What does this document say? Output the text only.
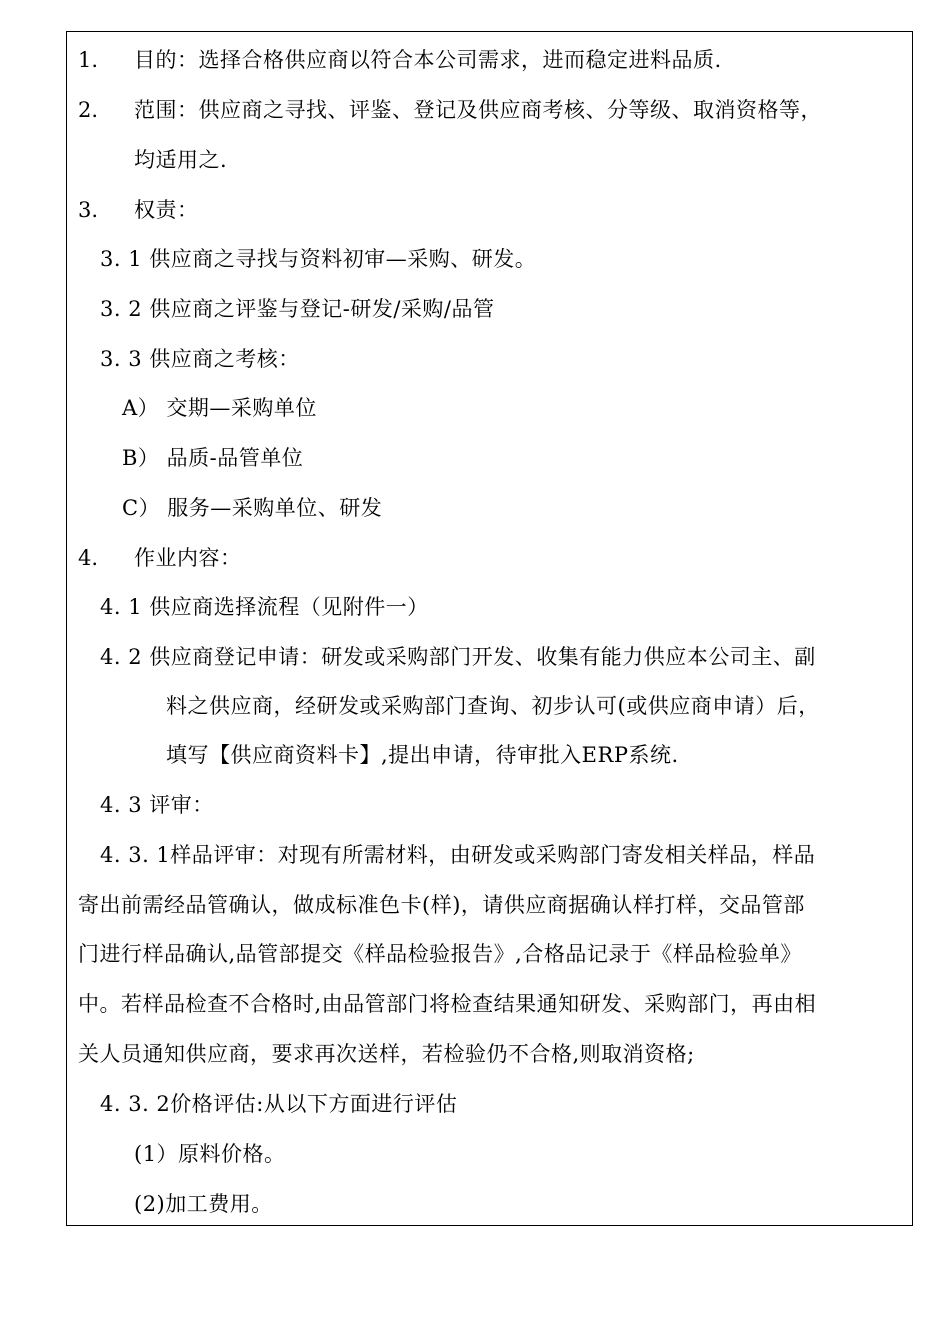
1. 目的：选择合格供应商以符合本公司需求，进而稳定进料品质.
2. 范围：供应商之寻找、评鉴、登记及供应商考核、分等级、取消资格等，
均适用之.
3. 权责：
3. 1 供应商之寻找与资料初审—采购、研发。
3. 2 供应商之评鉴与登记-研发/采购/品管
3. 3 供应商之考核：
A） 交期—采购单位
B） 品质-品管单位
C） 服务—采购单位、研发
4. 作业内容：
4. 1 供应商选择流程（见附件一）
4. 2 供应商登记申请：研发或采购部门开发、收集有能力供应本公司主、副
料之供应商，经研发或采购部门查询、初步认可(或供应商申请）后，
填写【供应商资料卡】,提出申请，待审批入ERP系统.
4. 3 评审：
4. 3. 1样品评审：对现有所需材料，由研发或采购部门寄发相关样品，样品
寄出前需经品管确认，做成标准色卡(样)，请供应商据确认样打样，交品管部
门进行样品确认,品管部提交《样品检验报告》,合格品记录于《样品检验单》
中。若样品检查不合格时,由品管部门将检查结果通知研发、采购部门，再由相
关人员通知供应商，要求再次送样，若检验仍不合格,则取消资格;
4. 3. 2价格评估:从以下方面进行评估
(1）原料价格。
(2)加工费用。
